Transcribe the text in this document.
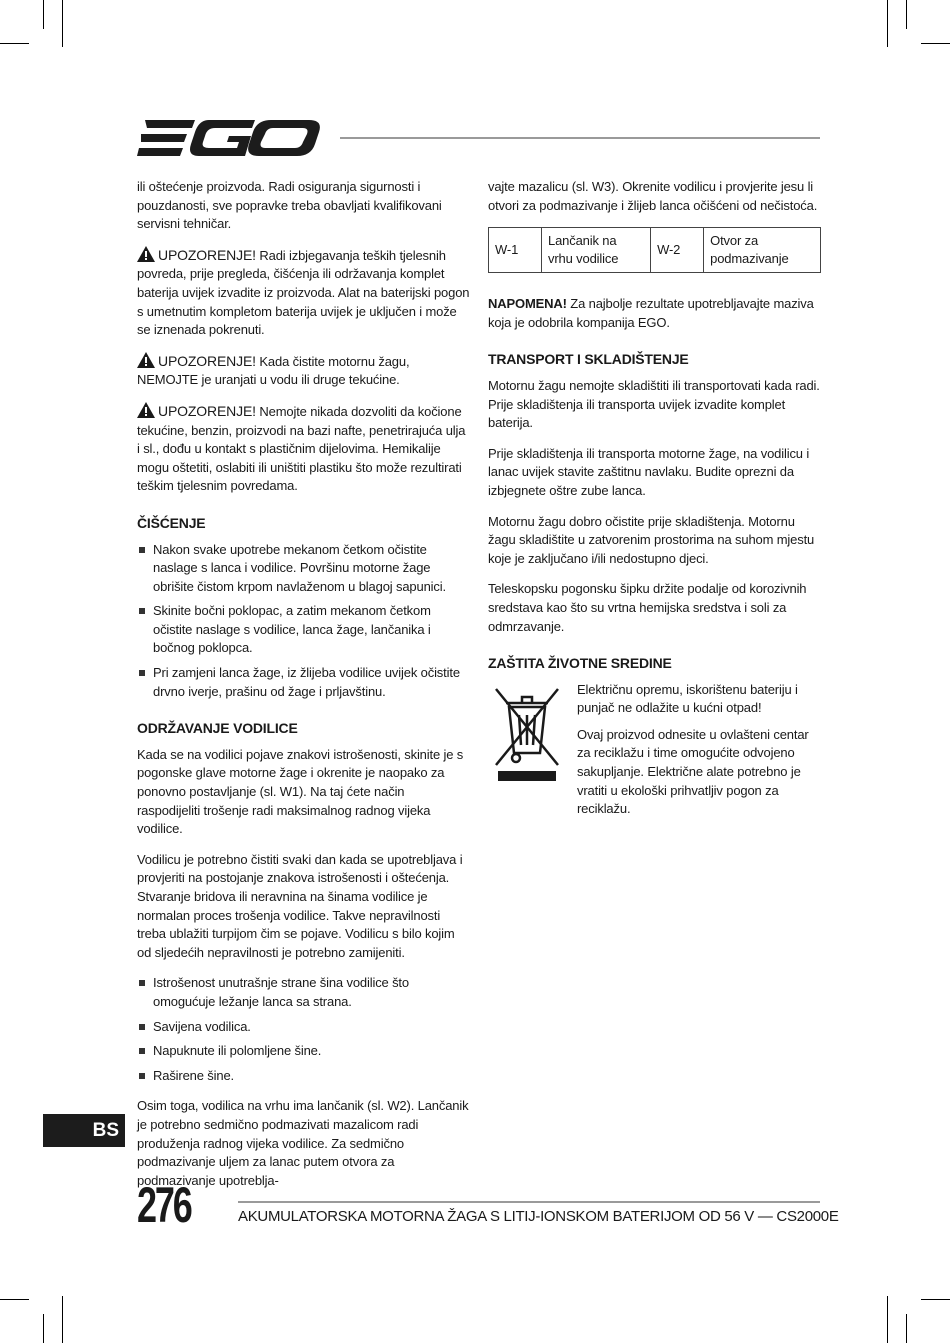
ili oštećenje proizvoda. Radi osiguranja sigurnosti i pouzdanosti, sve popravke treba obavljati kvalifikovani servisni tehničar.

UPOZORENJE! Radi izbjegavanja teških tjelesnih povreda, prije pregleda, čišćenja ili održavanja komplet baterija uvijek izvadite iz proizvoda. Alat na baterijski pogon s umetnutim kompletom baterija uvijek je uključen i može se iznenada pokrenuti.

UPOZORENJE! Kada čistite motornu žagu, NEMOJTE je uranjati u vodu ili druge tekućine.

UPOZORENJE! Nemojte nikada dozvoliti da kočione tekućine, benzin, proizvodi na bazi nafte, penetrirajuća ulja i sl., dođu u kontakt s plastičnim dijelovima. Hemikalije mogu oštetiti, oslabiti ili uništiti plastiku što može rezultirati teškim tjelesnim povredama.

ČIŠĆENJE
Nakon svake upotrebe mekanom četkom očistite naslage s lanca i vodilice. Površinu motorne žage obrišite čistom krpom navlaženom u blagoj sapunici.
Skinite bočni poklopac, a zatim mekanom četkom očistite naslage s vodilice, lanca žage, lančanika i bočnog poklopca.
Pri zamjeni lanca žage, iz žlijeba vodilice uvijek očistite drvno iverje, prašinu od žage i prljavštinu.
ODRŽAVANJE VODILICE

Kada se na vodilici pojave znakovi istrošenosti, skinite je s pogonske glave motorne žage i okrenite je naopako za ponovno postavljanje (sl. W1). Na taj ćete način raspodijeliti trošenje radi maksimalnog radnog vijeka vodilice.

Vodilicu je potrebno čistiti svaki dan kada se upotrebljava i provjeriti na postojanje znakova istrošenosti i oštećenja. Stvaranje bridova ili neravnina na šinama vodilice je normalan proces trošenja vodilice. Takve nepravilnosti treba ublažiti turpijom čim se pojave. Vodilicu s bilo kojim od sljedećih nepravilnosti je potrebno zamijeniti.

Istrošenost unutrašnje strane šina vodilice što omogućuje ležanje lanca sa strana.
Savijena vodilica.
Napuknute ili polomljene šine.
Raširene šine.

Osim toga, vodilica na vrhu ima lančanik (sl. W2). Lančanik je potrebno sedmično podmazivati mazalicom radi produženja radnog vijeka vodilice. Za sedmično podmazivanje uljem za lanac putem otvora za podmazivanje upotreblja-

vajte mazalicu (sl. W3). Okrenite vodilicu i provjerite jesu li otvori za podmazivanje i žlijeb lanca očišćeni od nečistoća.

W-1	Lančanik na vrhu vodilice	W-2	Otvor za podmazivanje

NAPOMENA! Za najbolje rezultate upotrebljavajte maziva koja je odobrila kompanija EGO.

TRANSPORT I SKLADIŠTENJE

Motornu žagu nemojte skladištiti ili transportovati kada radi. Prije skladištenja ili transporta uvijek izvadite komplet baterija.

Prije skladištenja ili transporta motorne žage, na vodilicu i lanac uvijek stavite zaštitnu navlaku. Budite oprezni da izbjegnete oštre zube lanca.

Motornu žagu dobro očistite prije skladištenja. Motornu žagu skladištite u zatvorenim prostorima na suhom mjestu koje je zaključano i/ili nedostupno djeci.

Teleskopsku pogonsku šipku držite podalje od korozivnih sredstava kao što su vrtna hemijska sredstva i soli za odmrzavanje.

ZAŠTITA ŽIVOTNE SREDINE

Električnu opremu, iskorištenu bateriju i punjač ne odlažite u kućni otpad!

Ovaj proizvod odnesite u ovlašteni centar za reciklažu i time omogućite odvojeno sakupljanje. Električne alate potrebno je vratiti u ekološki prihvatljiv pogon za reciklažu.

BS
276	AKUMULATORSKA MOTORNA ŽAGA S LITIJ-IONSKOM BATERIJOM OD 56 V — CS2000E
